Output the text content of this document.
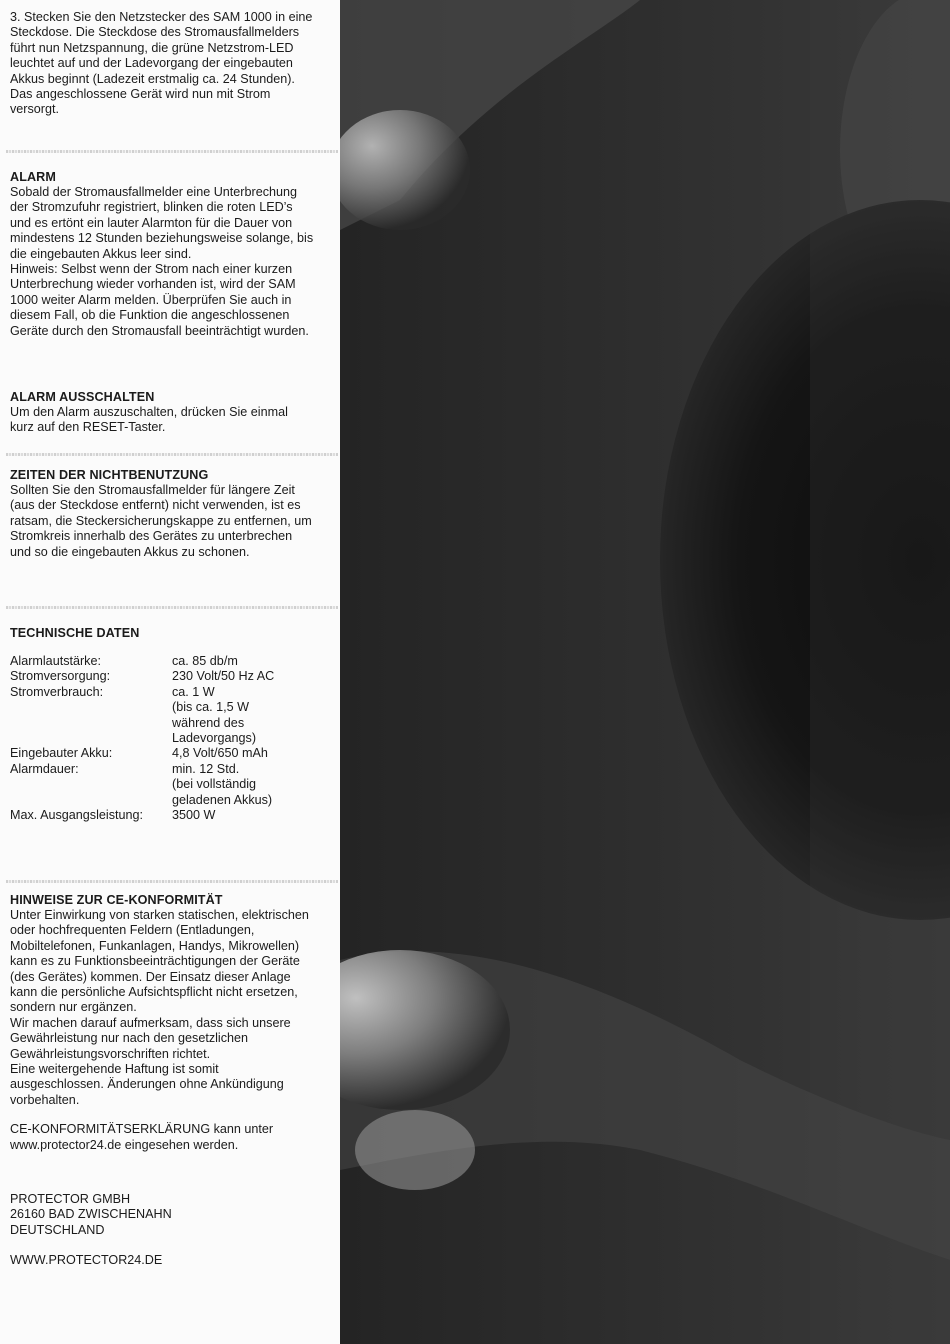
3. Stecken Sie den Netzstecker des SAM 1000 in eine Steckdose. Die Steckdose des Stromausfallmelders führt nun Netzspannung, die grüne Netzstrom-LED leuchtet auf und der Ladevorgang der eingebauten Akkus beginnt (Ladezeit erstmalig ca. 24 Stunden). Das angeschlossene Gerät wird nun mit Strom versorgt.

ALARM

Sobald der Stromausfallmelder eine Unterbrechung der Stromzufuhr registriert, blinken die roten LED’s und es ertönt ein lauter Alarmton für die Dauer von mindestens 12 Stunden beziehungsweise solange, bis die eingebauten Akkus leer sind.

Hinweis: Selbst wenn der Strom nach einer kurzen Unterbrechung wieder vorhanden ist, wird der SAM 1000 weiter Alarm melden. Überprüfen Sie auch in diesem Fall, ob die Funktion die angeschlossenen Geräte durch den Stromausfall beeinträchtigt wurden.

ALARM AUSSCHALTEN

Um den Alarm auszuschalten, drücken Sie einmal kurz auf den RESET-Taster.

ZEITEN DER NICHTBENUTZUNG

Sollten Sie den Stromausfallmelder für längere Zeit (aus der Steckdose entfernt) nicht verwenden, ist es ratsam, die Steckersicherungskappe zu entfernen, um Stromkreis innerhalb des Gerätes zu unterbrechen und so die eingebauten Akkus zu schonen.

TECHNISCHE DATEN

Alarmlautstärke:	ca. 85 db/m
Stromversorgung:	230 Volt/50 Hz AC
Stromverbrauch:	ca. 1 W
(bis ca. 1,5 W
während des
Ladevorgangs)
Eingebauter Akku:	4,8 Volt/650 mAh
Alarmdauer:	min. 12 Std.
(bei vollständig
geladenen Akkus)
Max. Ausgangsleistung:	3500 W

HINWEISE ZUR CE-KONFORMITÄT

Unter Einwirkung von starken statischen, elektrischen oder hochfrequenten Feldern (Entladungen, Mobiltelefonen, Funkanlagen, Handys, Mikrowellen) kann es zu Funktionsbeeinträchtigungen der Geräte (des Gerätes) kommen. Der Einsatz dieser Anlage kann die persönliche Aufsichtspflicht nicht ersetzen, sondern nur ergänzen.

Wir machen darauf aufmerksam, dass sich unsere Gewährleistung nur nach den gesetzlichen Gewährleistungsvorschriften richtet.

Eine weitergehende Haftung ist somit ausgeschlossen. Änderungen ohne Ankündigung vorbehalten.

CE-KONFORMITÄTSERKLÄRUNG kann unter www.protector24.de eingesehen werden.

PROTECTOR GMBH

26160 BAD ZWISCHENAHN

DEUTSCHLAND

WWW.PROTECTOR24.DE
